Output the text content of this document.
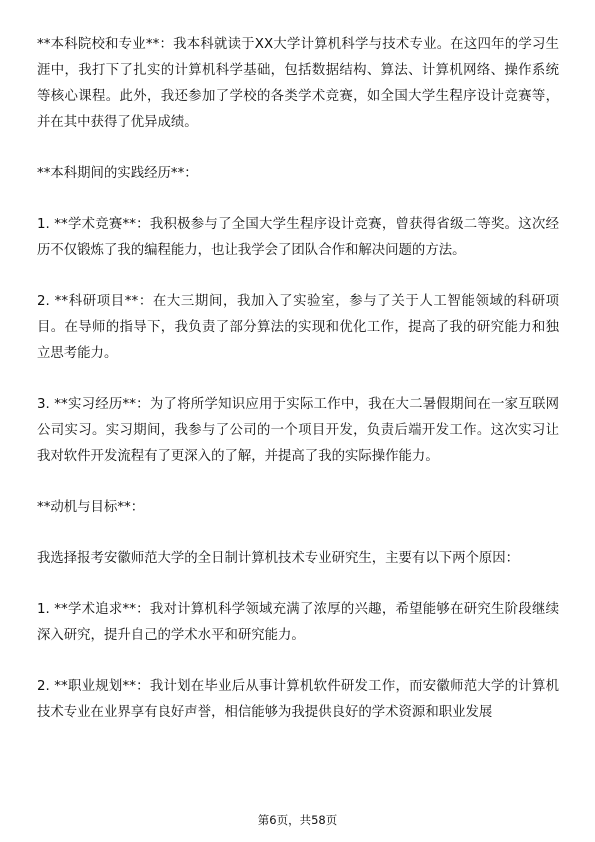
**本科院校和专业**：我本科就读于XX大学计算机科学与技术专业。在这四年的学习生涯中，我打下了扎实的计算机科学基础，包括数据结构、算法、计算机网络、操作系统等核心课程。此外，我还参加了学校的各类学术竞赛，如全国大学生程序设计竞赛等，并在其中获得了优异成绩。

**本科期间的实践经历**：

1. **学术竞赛**：我积极参与了全国大学生程序设计竞赛，曾获得省级二等奖。这次经历不仅锻炼了我的编程能力，也让我学会了团队合作和解决问题的方法。

2. **科研项目**：在大三期间，我加入了实验室，参与了关于人工智能领域的科研项目。在导师的指导下，我负责了部分算法的实现和优化工作，提高了我的研究能力和独立思考能力。

3. **实习经历**：为了将所学知识应用于实际工作中，我在大二暑假期间在一家互联网公司实习。实习期间，我参与了公司的一个项目开发，负责后端开发工作。这次实习让我对软件开发流程有了更深入的了解，并提高了我的实际操作能力。

**动机与目标**：

我选择报考安徽师范大学的全日制计算机技术专业研究生，主要有以下两个原因：

1. **学术追求**：我对计算机科学领域充满了浓厚的兴趣，希望能够在研究生阶段继续深入研究，提升自己的学术水平和研究能力。

2. **职业规划**：我计划在毕业后从事计算机软件研发工作，而安徽师范大学的计算机技术专业在业界享有良好声誉，相信能够为我提供良好的学术资源和职业发展

第6页，共58页
